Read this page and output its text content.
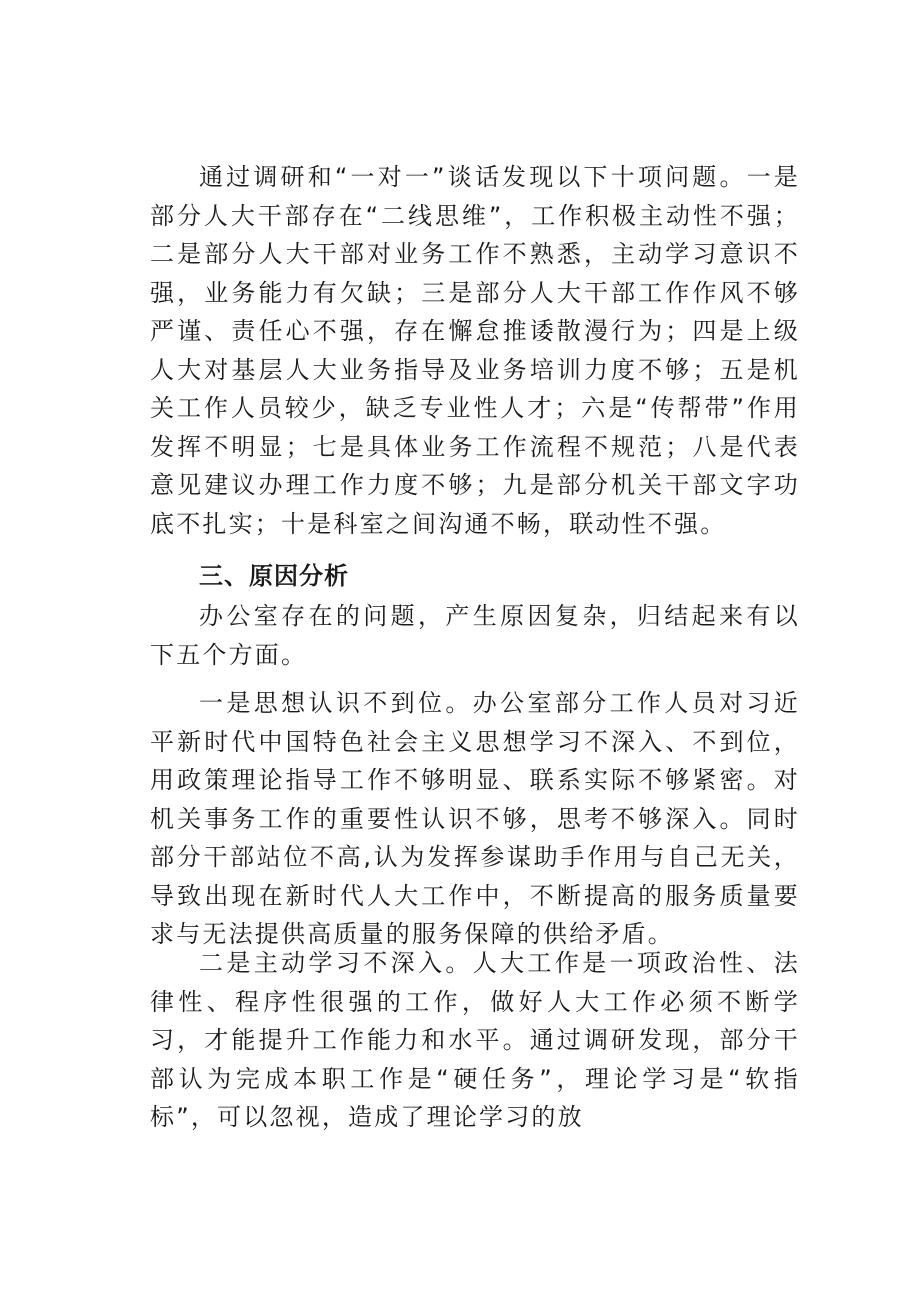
通过调研和“一对一”谈话发现以下十项问题。一是部分人大干部存在“二线思维”，工作积极主动性不强；二是部分人大干部对业务工作不熟悉，主动学习意识不强，业务能力有欠缺；三是部分人大干部工作作风不够严谨、责任心不强，存在懈怠推诿散漫行为；四是上级人大对基层人大业务指导及业务培训力度不够；五是机关工作人员较少，缺乏专业性人才；六是“传帮带”作用发挥不明显；七是具体业务工作流程不规范；八是代表意见建议办理工作力度不够；九是部分机关干部文字功底不扎实；十是科室之间沟通不畅，联动性不强。

三、原因分析

办公室存在的问题，产生原因复杂，归结起来有以下五个方面。

一是思想认识不到位。办公室部分工作人员对习近平新时代中国特色社会主义思想学习不深入、不到位，用政策理论指导工作不够明显、联系实际不够紧密。对机关事务工作的重要性认识不够，思考不够深入。同时部分干部站位不高,认为发挥参谋助手作用与自己无关，导致出现在新时代人大工作中，不断提高的服务质量要求与无法提供高质量的服务保障的供给矛盾。

二是主动学习不深入。人大工作是一项政治性、法律性、程序性很强的工作，做好人大工作必须不断学习，才能提升工作能力和水平。通过调研发现，部分干部认为完成本职工作是“硬任务”，理论学习是“软指标”，可以忽视，造成了理论学习的放
